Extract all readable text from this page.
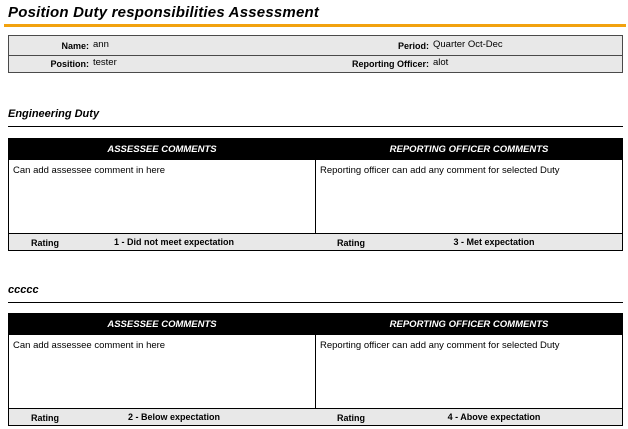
Position Duty responsibilities Assessment
Name: ann	Period: Quarter Oct-Dec
Position: tester	Reporting Officer: alot
Engineering Duty
ASSESSEE COMMENTS	REPORTING OFFICER COMMENTS
Can add assessee comment in here	Reporting officer can add any comment for selected Duty
Rating	1 - Did not meet expectation	Rating	3 - Met expectation
ccccc
ASSESSEE COMMENTS	REPORTING OFFICER COMMENTS
Can add assessee comment in here	Reporting officer can add any comment for selected Duty
Rating	2 - Below expectation	Rating	4 - Above expectation
